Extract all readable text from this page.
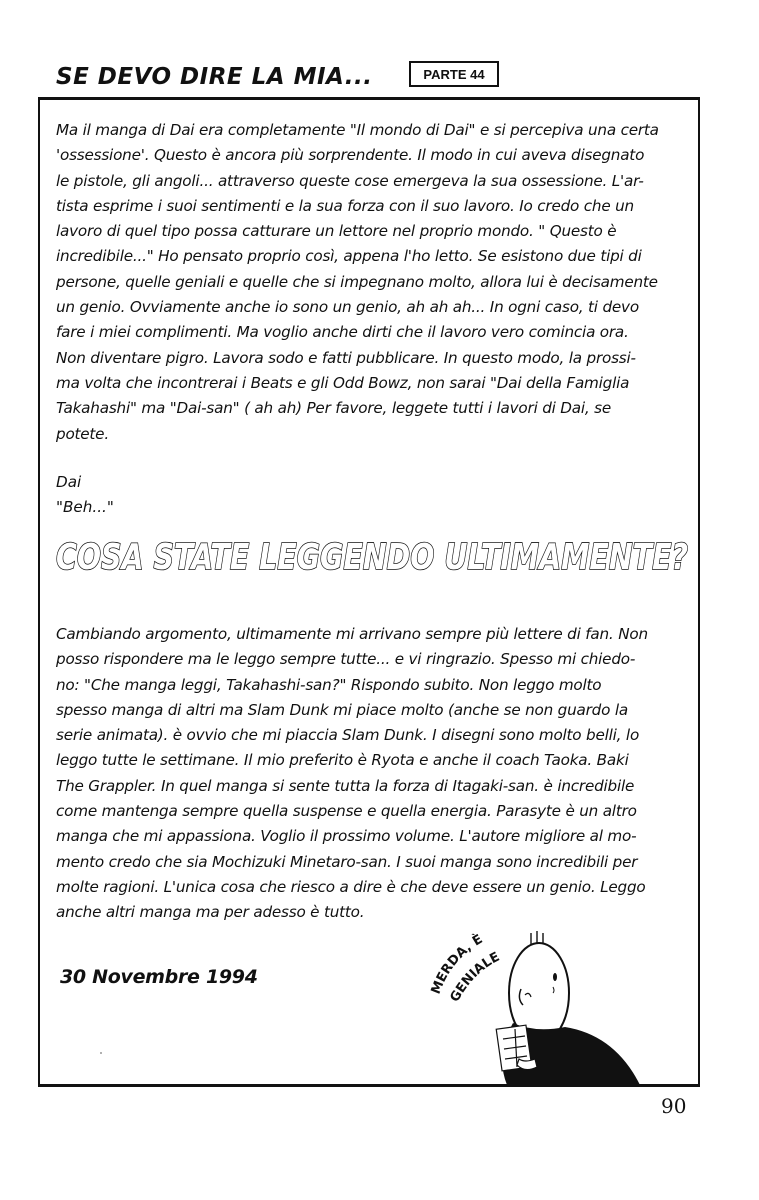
SE DEVO DIRE LA MIA...	PARTE 44
Ma il manga di Dai era completamente "Il mondo di Dai" e si percepiva una certa
'ossessione'. Questo è ancora più sorprendente. Il modo in cui aveva disegnato
le pistole, gli angoli... attraverso queste cose emergeva la sua ossessione. L'ar-
tista esprime i suoi sentimenti e la sua forza con il suo lavoro. Io credo che un
lavoro di quel tipo possa catturare un lettore nel proprio mondo. " Questo è
incredibile..." Ho pensato proprio così, appena l'ho letto. Se esistono due tipi di
persone, quelle geniali e quelle che si impegnano molto, allora lui è decisamente
un genio. Ovviamente anche io sono un genio, ah ah ah... In ogni caso, ti devo
fare i miei complimenti. Ma voglio anche dirti che il lavoro vero comincia ora.
Non diventare pigro. Lavora sodo e fatti pubblicare. In questo modo, la prossi-
ma volta che incontrerai i Beats e gli Odd Bowz, non sarai "Dai della Famiglia
Takahashi" ma "Dai-san" ( ah ah) Per favore, leggete tutti i lavori di Dai, se
potete.
Dai
"Beh..."
COSA STATE LEGGENDO ULTIMAMENTE?
Cambiando argomento, ultimamente mi arrivano sempre più lettere di fan. Non
posso rispondere ma le leggo sempre tutte... e vi ringrazio. Spesso mi chiedo-
no: "Che manga leggi, Takahashi-san?" Rispondo subito. Non leggo molto
spesso manga di altri ma Slam Dunk mi piace molto (anche se non guardo la
serie animata). è ovvio che mi piaccia Slam Dunk. I disegni sono molto belli, lo
leggo tutte le settimane. Il mio preferito è Ryota e anche il coach Taoka. Baki
The Grappler. In quel manga si sente tutta la forza di Itagaki-san. è incredibile
come mantenga sempre quella suspense e quella energia. Parasyte è un altro
manga che mi appassiona. Voglio il prossimo volume. L'autore migliore al mo-
mento credo che sia Mochizuki Minetaro-san. I suoi manga sono incredibili per
molte ragioni. L'unica cosa che riesco a dire è che deve essere un genio. Leggo
anche altri manga ma per adesso è tutto.
30 Novembre 1994	MERDA, È
GENIALE
90
